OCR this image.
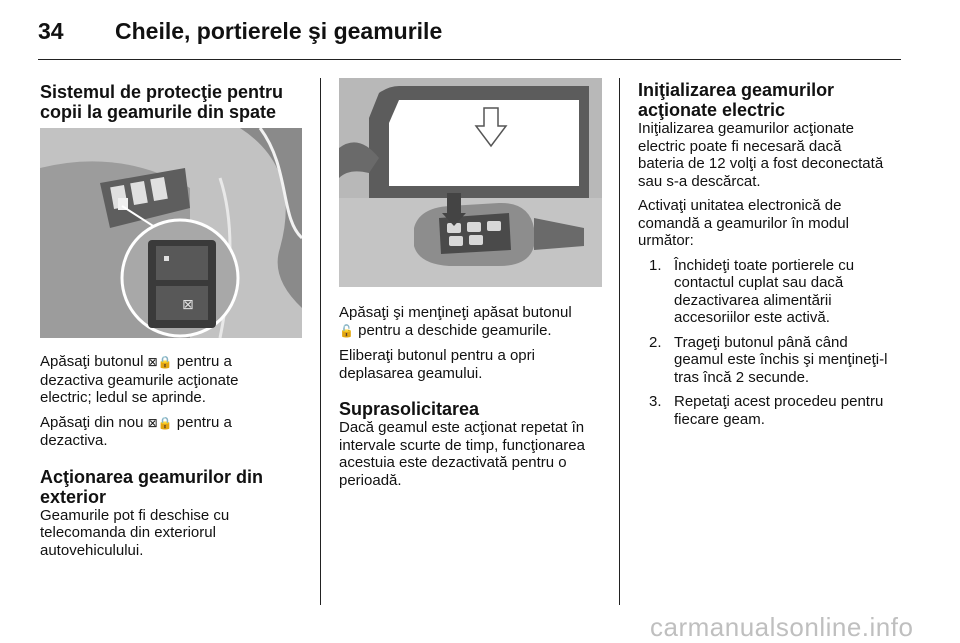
34 Cheile, portierele şi geamurile
Sistemul de protecţie pentru
copii la geamurile din spate
⊠

Apăsaţi butonul ⊠🔒 pentru a
dezactiva geamurile acţionate
electric; ledul se aprinde.

Apăsaţi din nou ⊠🔒 pentru a
dezactiva.

Acţionarea geamurilor din
exterior

Geamurile pot fi deschise cu
telecomanda din exteriorul
autovehiculului.

Apăsaţi şi menţineţi apăsat butonul
🔓 pentru a deschide geamurile.

Eliberaţi butonul pentru a opri
deplasarea geamului.

Suprasolicitarea

Dacă geamul este acţionat repetat în
intervale scurte de timp, funcţionarea
acestuia este dezactivată pentru o
perioadă.

Iniţializarea geamurilor
acţionate electric

Iniţializarea geamurilor acţionate
electric poate fi necesară dacă
bateria de 12 volţi a fost deconectată
sau s-a descărcat.

Activaţi unitatea electronică de
comandă a geamurilor în modul
următor:

1. Închideţi toate portierele cu
contactul cuplat sau dacă
dezactivarea alimentării
accesoriilor este activă.
2. Trageţi butonul până când
geamul este închis şi menţineţi-l
tras încă 2 secunde.
3. Repetaţi acest procedeu pentru
fiecare geam.
carmanualsonline.info
